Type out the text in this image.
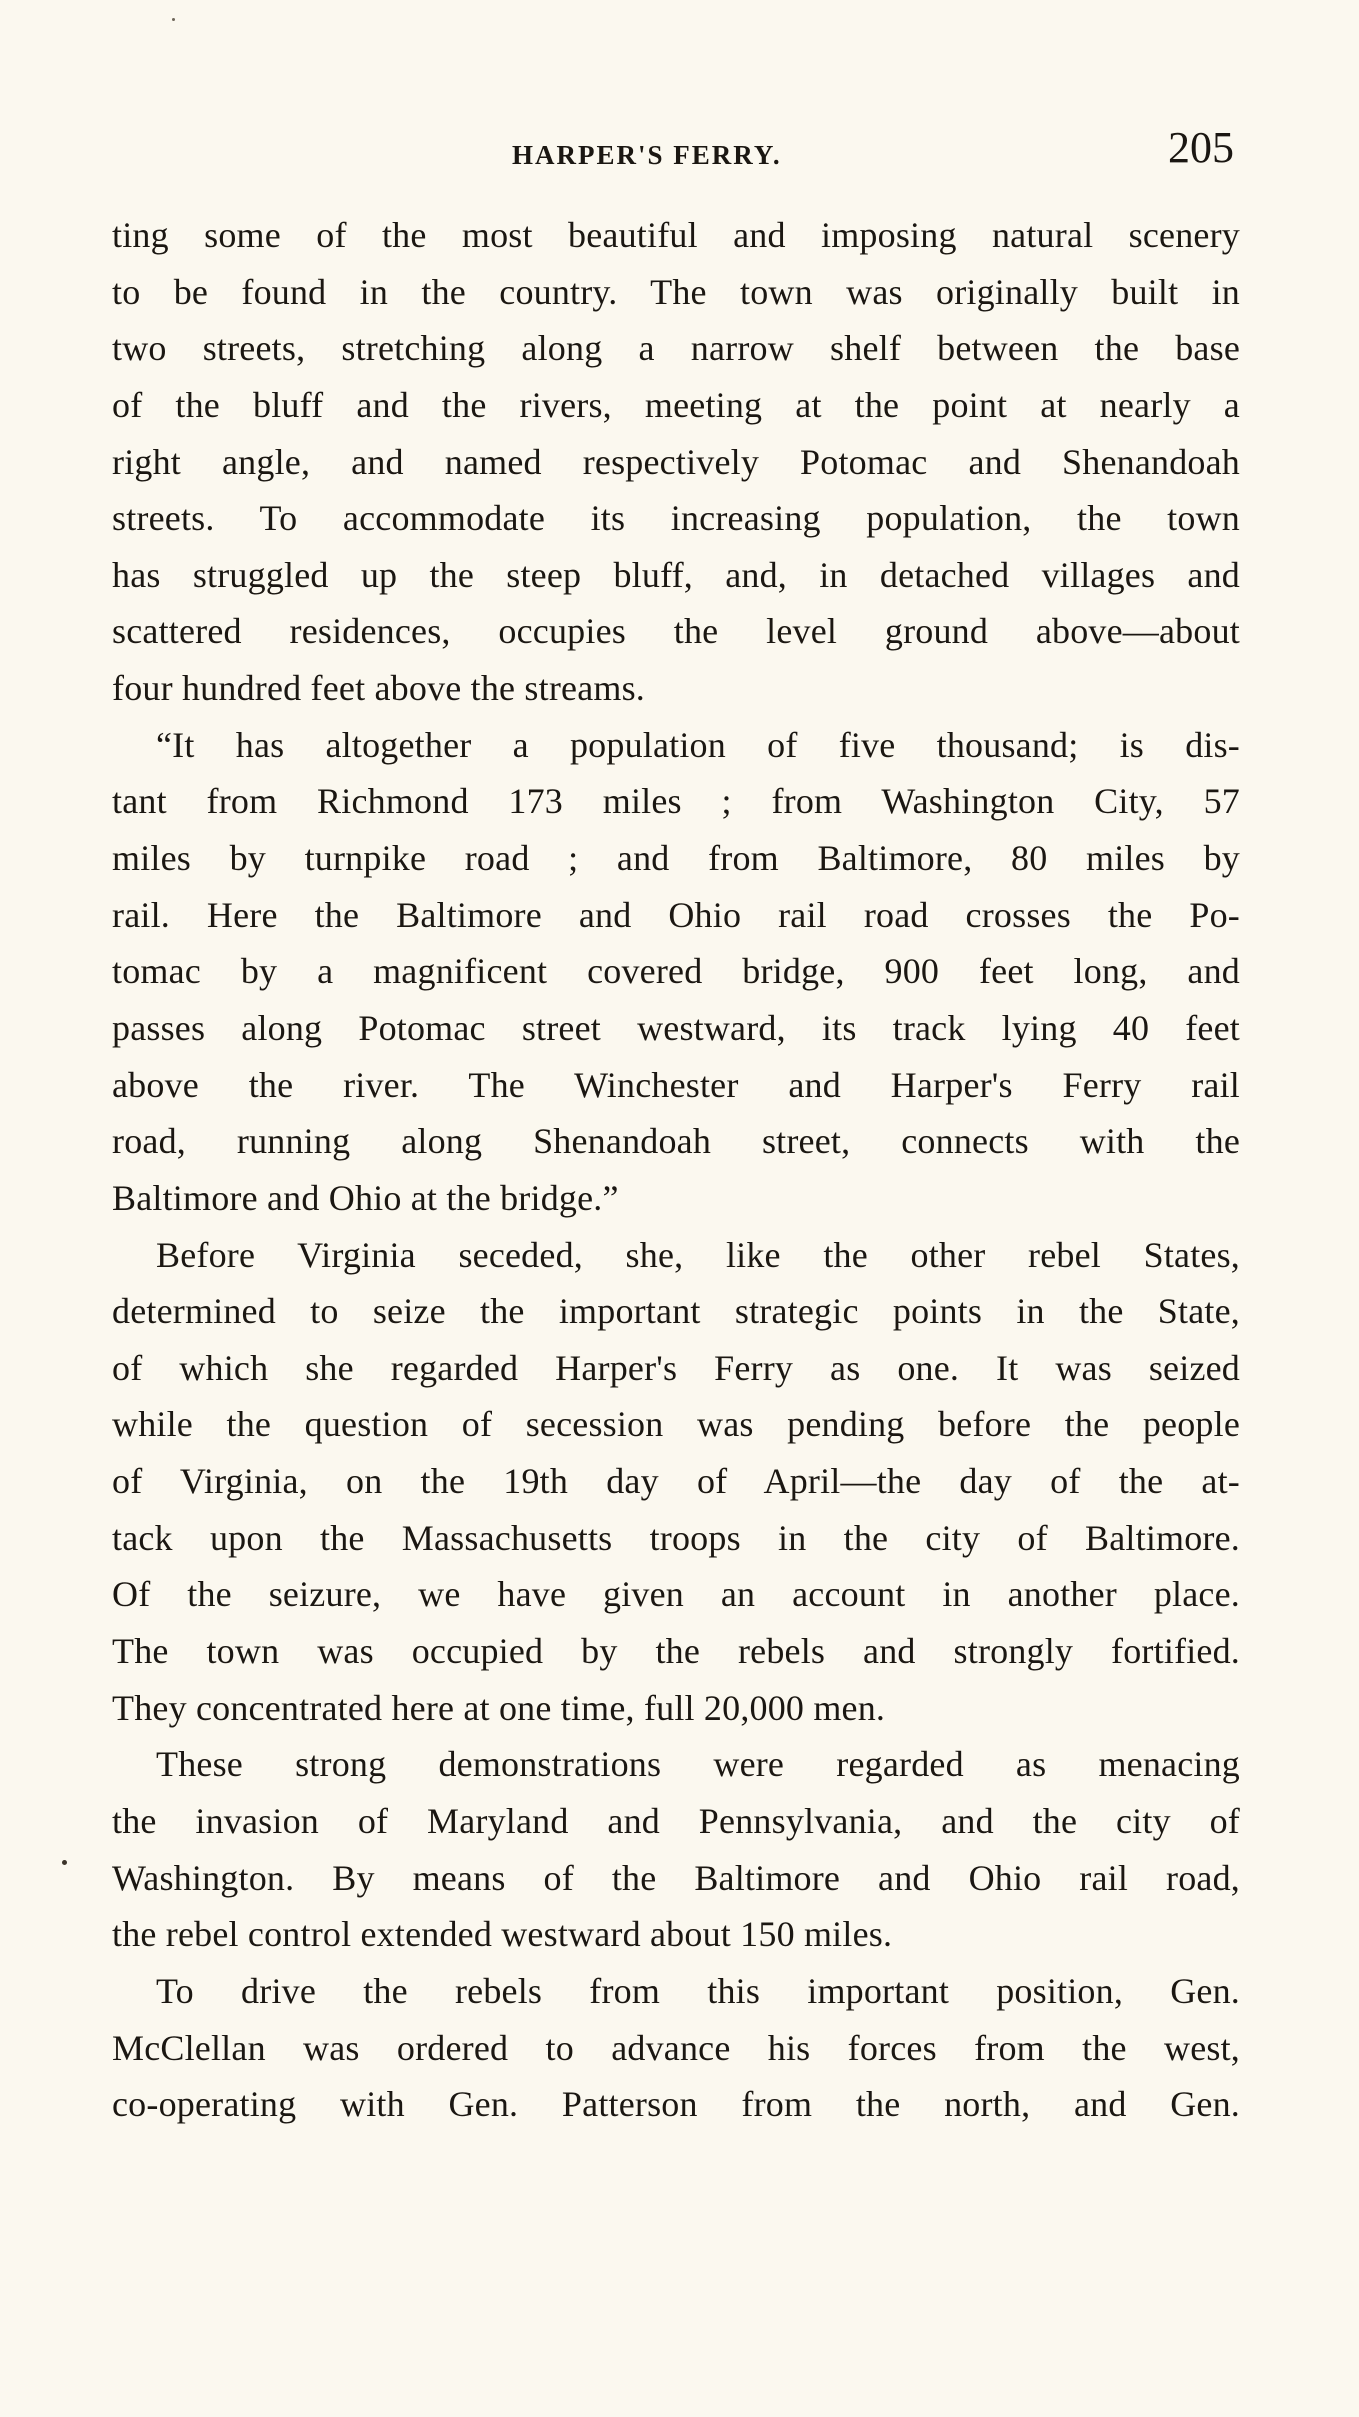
HARPER'S FERRY.	205
ting some of the most beautiful and imposing natural scenery
to be found in the country. The town was originally built in
two streets, stretching along a narrow shelf between the base
of the bluff and the rivers, meeting at the point at nearly a
right angle, and named respectively Potomac and Shenandoah
streets. To accommodate its increasing population, the town
has struggled up the steep bluff, and, in detached villages and
scattered residences, occupies the level ground above—about
four hundred feet above the streams.
“It has altogether a population of five thousand; is dis-
tant from Richmond 173 miles ; from Washington City, 57
miles by turnpike road ; and from Baltimore, 80 miles by
rail. Here the Baltimore and Ohio rail road crosses the Po-
tomac by a magnificent covered bridge, 900 feet long, and
passes along Potomac street westward, its track lying 40 feet
above the river. The Winchester and Harper's Ferry rail
road, running along Shenandoah street, connects with the
Baltimore and Ohio at the bridge.”
Before Virginia seceded, she, like the other rebel States,
determined to seize the important strategic points in the State,
of which she regarded Harper's Ferry as one. It was seized
while the question of secession was pending before the people
of Virginia, on the 19th day of April—the day of the at-
tack upon the Massachusetts troops in the city of Baltimore.
Of the seizure, we have given an account in another place.
The town was occupied by the rebels and strongly fortified.
They concentrated here at one time, full 20,000 men.
These strong demonstrations were regarded as menacing
the invasion of Maryland and Pennsylvania, and the city of
Washington. By means of the Baltimore and Ohio rail road,
the rebel control extended westward about 150 miles.
To drive the rebels from this important position, Gen.
McClellan was ordered to advance his forces from the west,
co-operating with Gen. Patterson from the north, and Gen.
